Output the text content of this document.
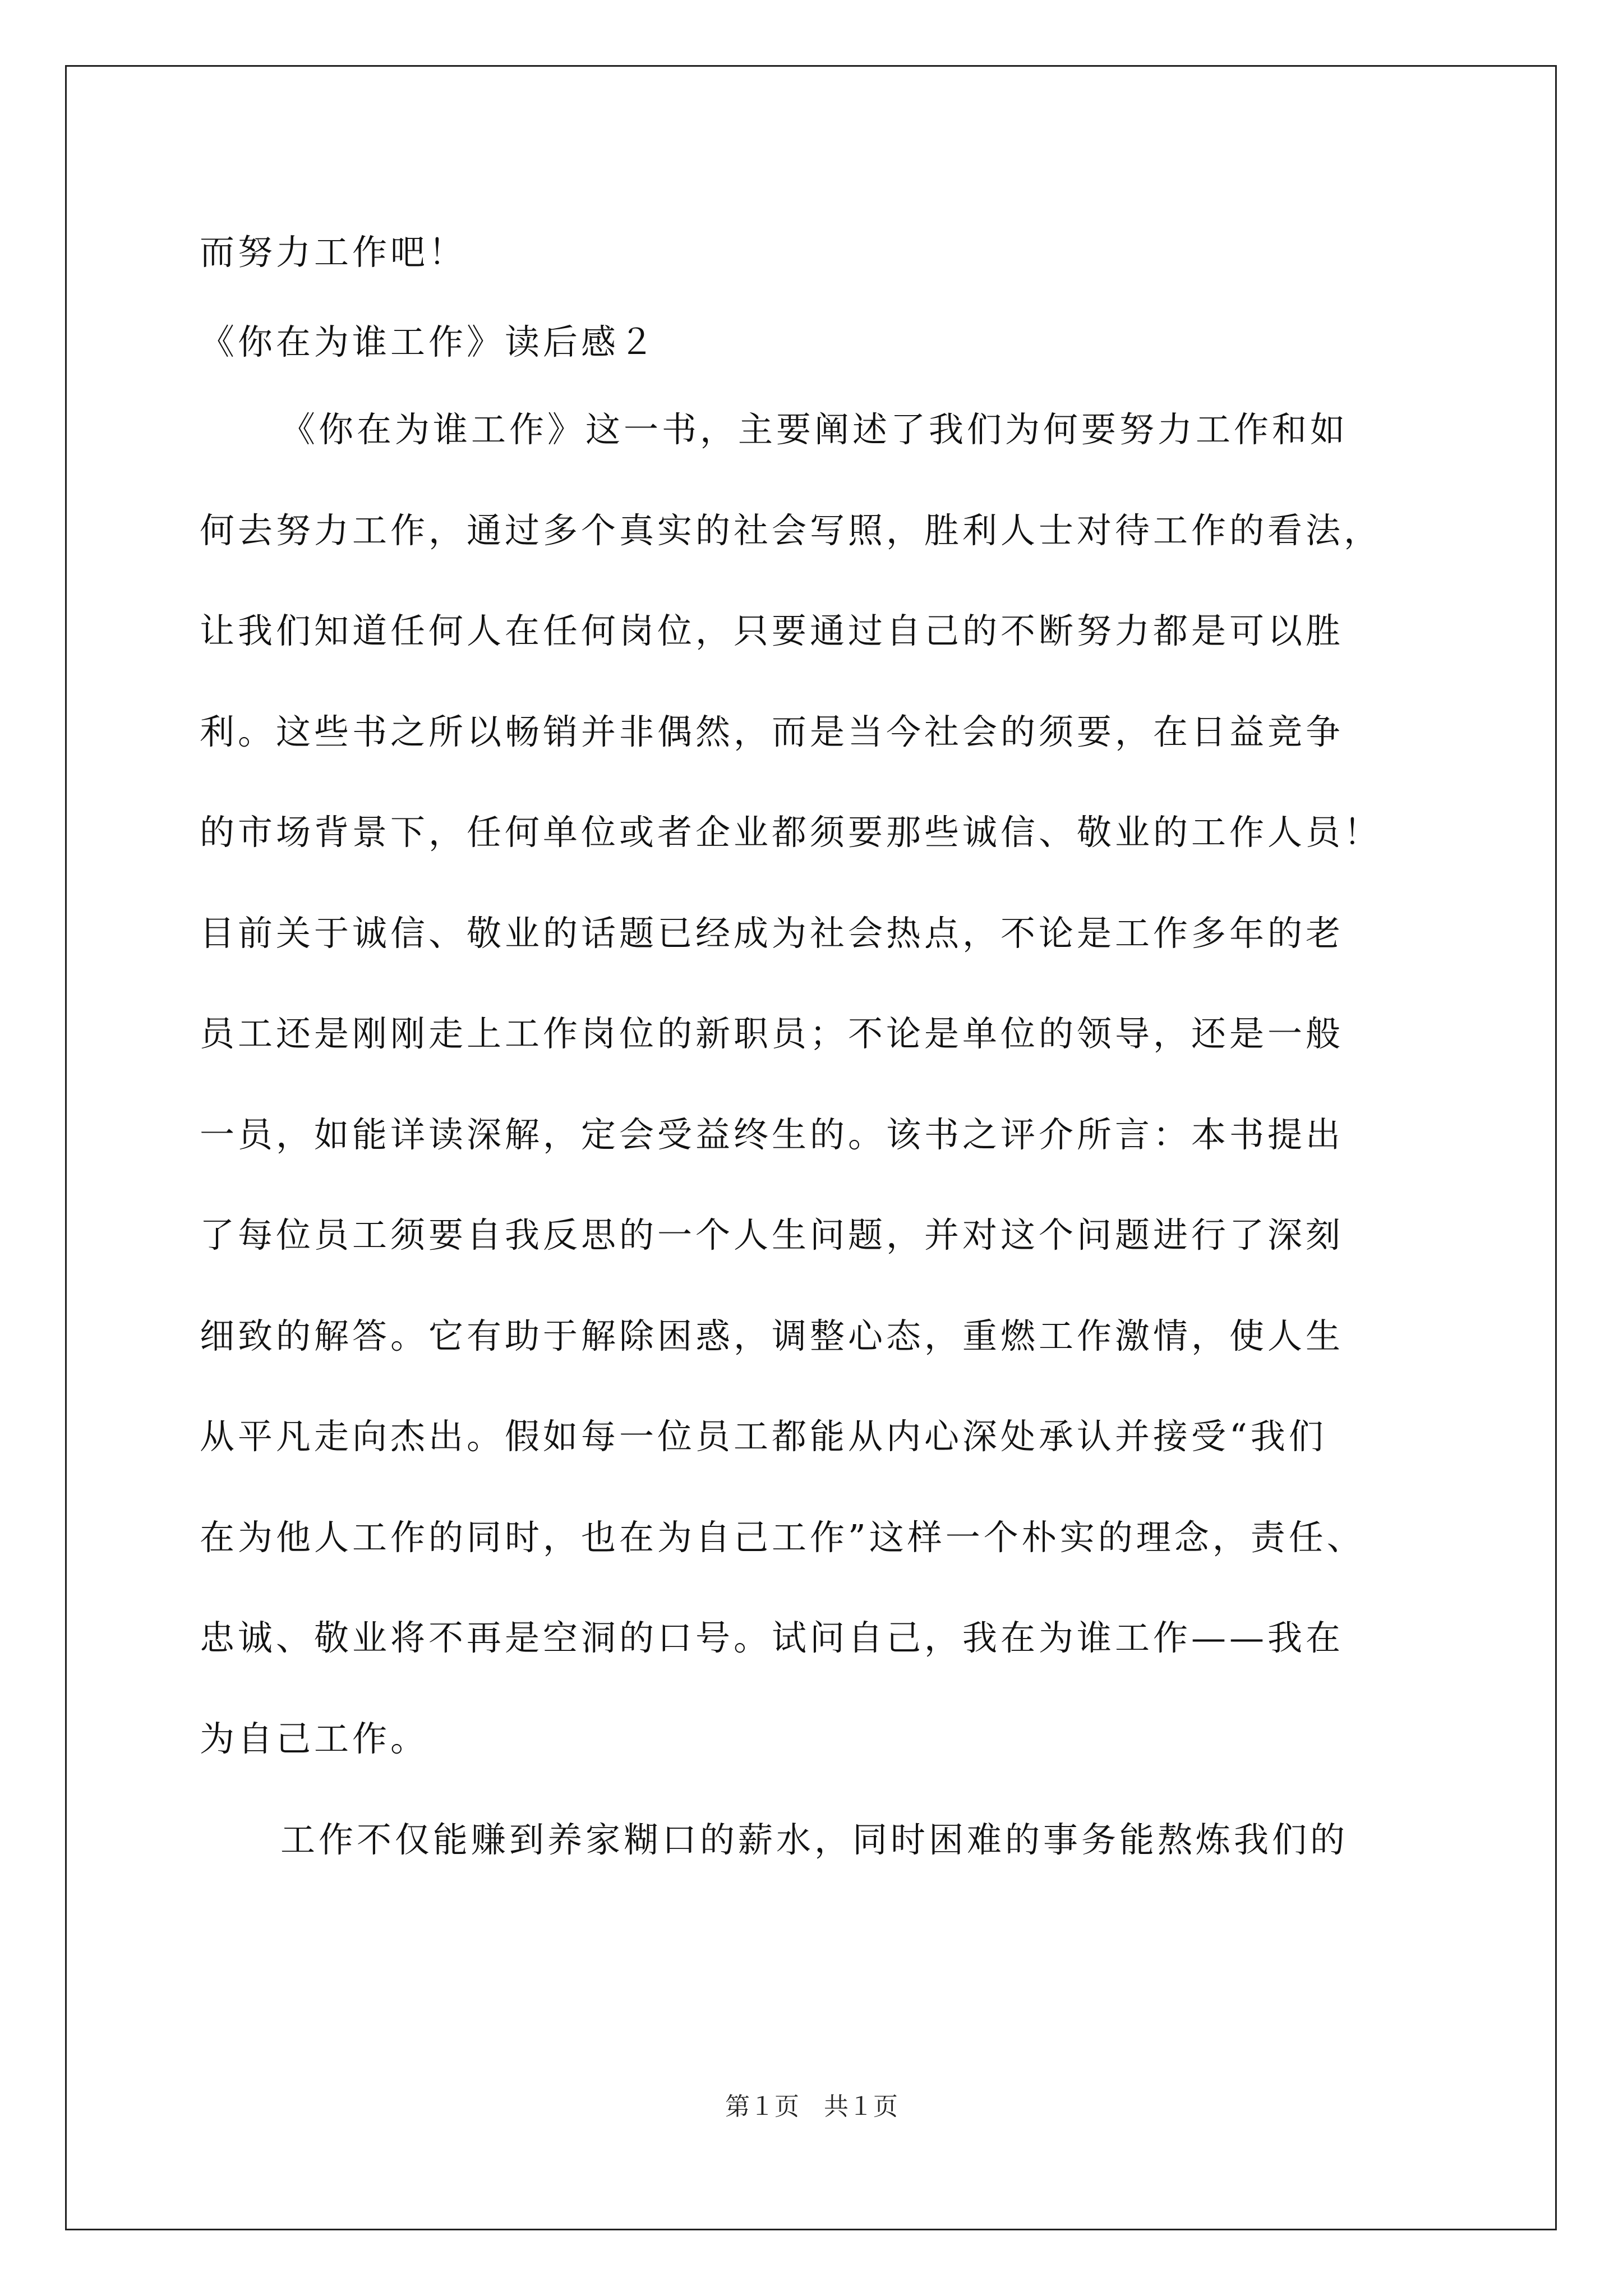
而努力工作吧！
《你在为谁工作》读后感２
《你在为谁工作》这一书，主要阐述了我们为何要努力工作和如
何去努力工作，通过多个真实的社会写照，胜利人士对待工作的看法，
让我们知道任何人在任何岗位，只要通过自己的不断努力都是可以胜
利。这些书之所以畅销并非偶然，而是当今社会的须要，在日益竞争
的市场背景下，任何单位或者企业都须要那些诚信、敬业的工作人员！
目前关于诚信、敬业的话题已经成为社会热点，不论是工作多年的老
员工还是刚刚走上工作岗位的新职员；不论是单位的领导，还是一般
一员，如能详读深解，定会受益终生的。该书之评介所言：本书提出
了每位员工须要自我反思的一个人生问题，并对这个问题进行了深刻
细致的解答。它有助于解除困惑，调整心态，重燃工作激情，使人生
从平凡走向杰出。假如每一位员工都能从内心深处承认并接受“我们
在为他人工作的同时，也在为自己工作”这样一个朴实的理念，责任、
忠诚、敬业将不再是空洞的口号。试问自己，我在为谁工作——我在
为自己工作。
工作不仅能赚到养家糊口的薪水，同时困难的事务能熬炼我们的
第１页　共１页
